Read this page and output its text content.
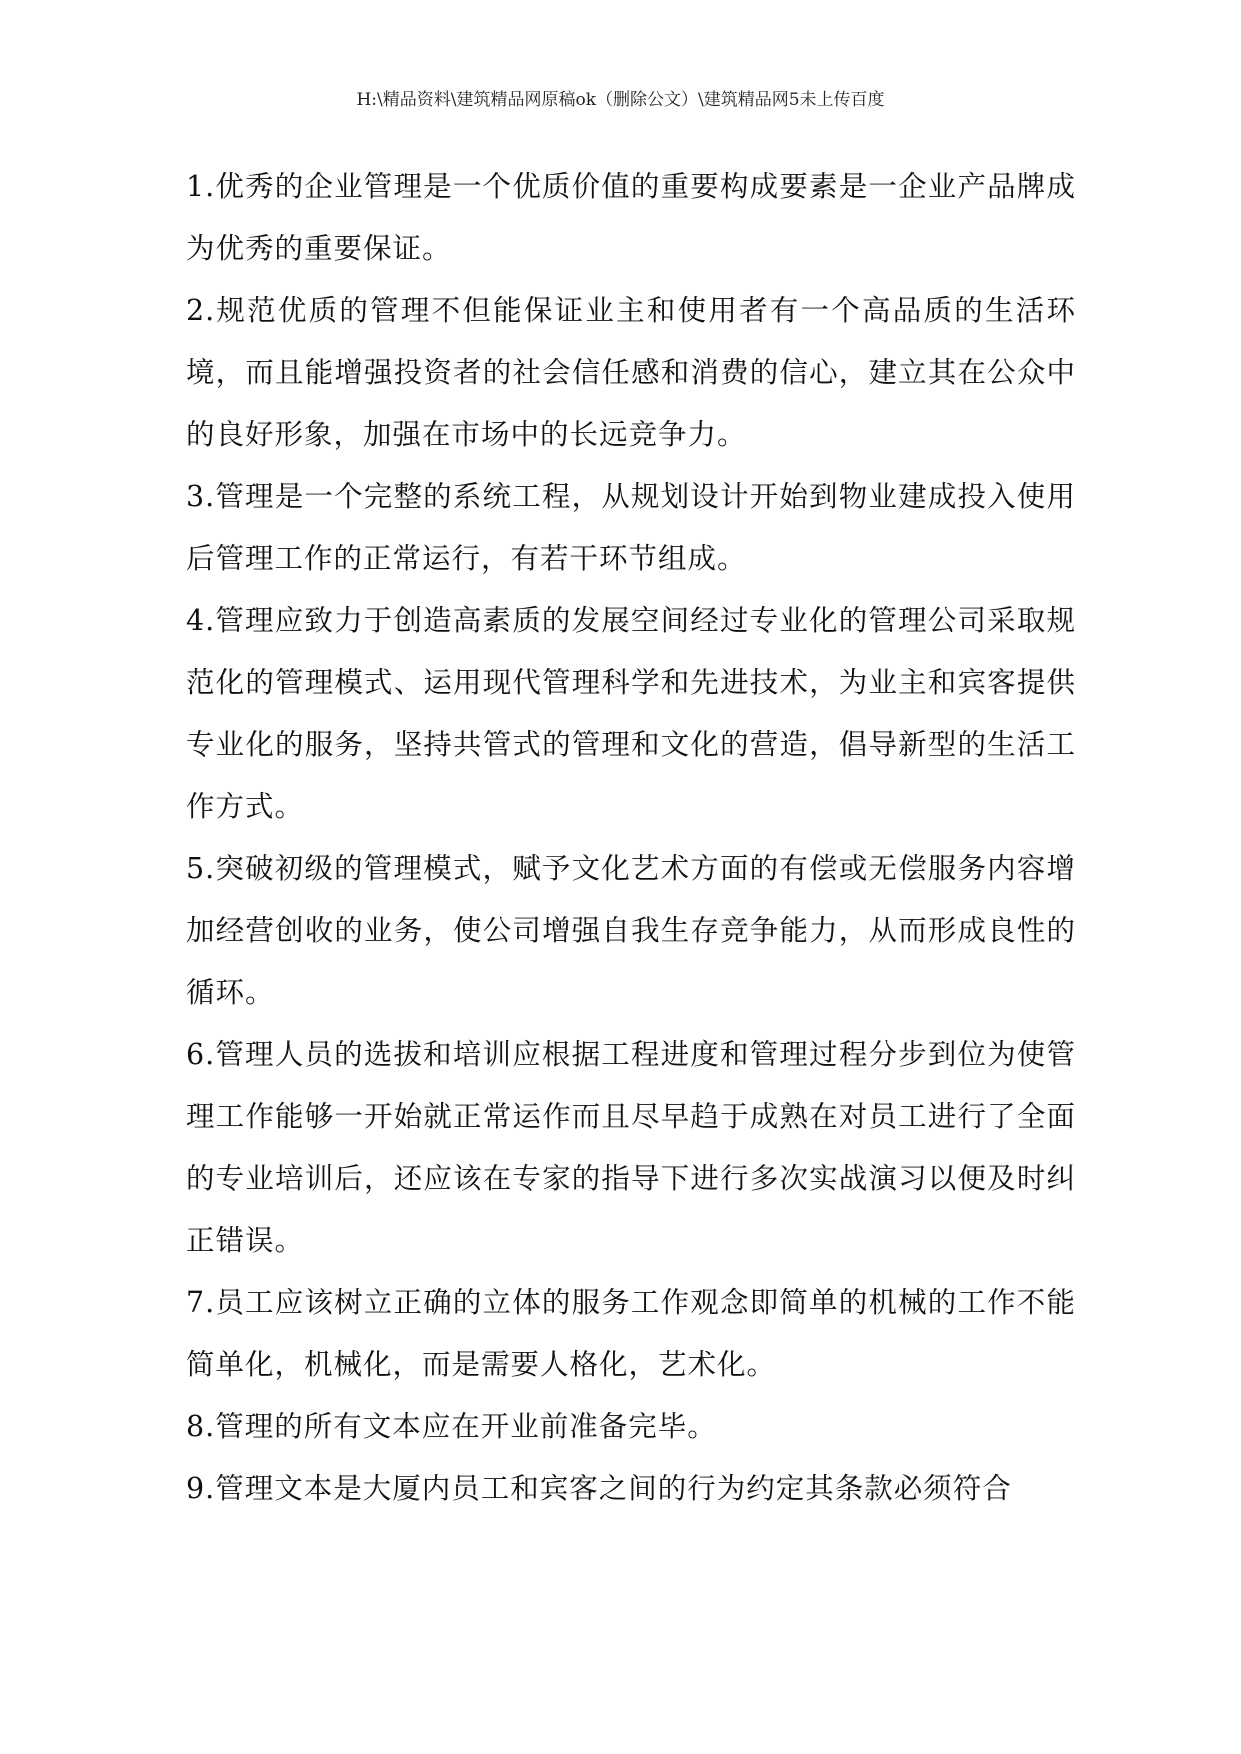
H:\精品资料\建筑精品网原稿ok（删除公文）\建筑精品网5未上传百度

1.优秀的企业管理是一个优质价值的重要构成要素是一企业产品牌成为优秀的重要保证。

2.规范优质的管理不但能保证业主和使用者有一个高品质的生活环境，而且能增强投资者的社会信任感和消费的信心，建立其在公众中的良好形象，加强在市场中的长远竞争力。

3.管理是一个完整的系统工程，从规划设计开始到物业建成投入使用后管理工作的正常运行，有若干环节组成。

4.管理应致力于创造高素质的发展空间经过专业化的管理公司采取规范化的管理模式、运用现代管理科学和先进技术，为业主和宾客提供专业化的服务，坚持共管式的管理和文化的营造，倡导新型的生活工作方式。

5.突破初级的管理模式，赋予文化艺术方面的有偿或无偿服务内容增加经营创收的业务，使公司增强自我生存竞争能力，从而形成良性的循环。

6.管理人员的选拔和培训应根据工程进度和管理过程分步到位为使管理工作能够一开始就正常运作而且尽早趋于成熟在对员工进行了全面的专业培训后，还应该在专家的指导下进行多次实战演习以便及时纠正错误。

7.员工应该树立正确的立体的服务工作观念即简单的机械的工作不能简单化，机械化，而是需要人格化，艺术化。

8.管理的所有文本应在开业前准备完毕。

9.管理文本是大厦内员工和宾客之间的行为约定其条款必须符合
